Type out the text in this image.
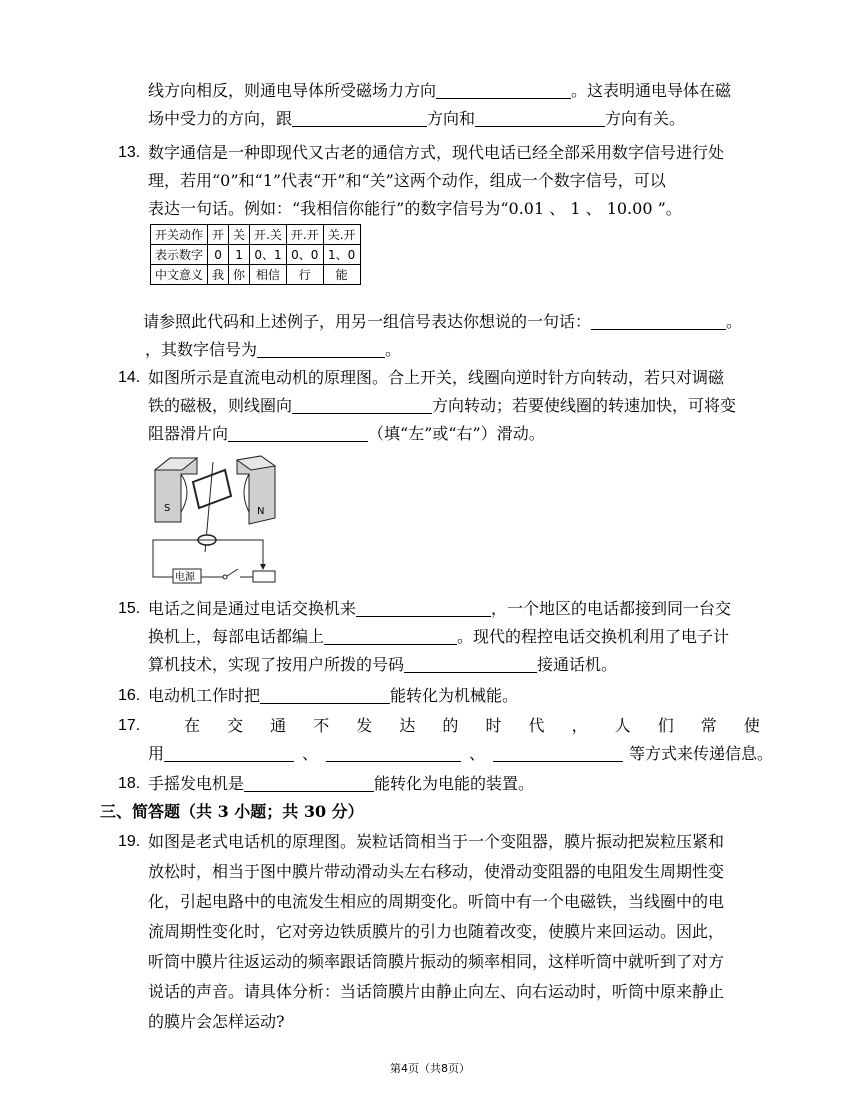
线方向相反，则通电导体所受磁场力方向	。这表明通电导体在磁
场中受力的方向，跟	方向和	方向有关。
13. 数字通信是一种即现代又古老的通信方式，现代电话已经全部采用数字信号进行处
理，若用“0”和“1”代表“开”和“关”这两个动作，组成一个数字信号，可以
表达一句话。例如：“我相信你能行”的数字信号为“0.01 、 1 、 10.00 ”。
开关动作	开	关	开.关	开.开	关.开
表示数字	0	1	0、1	0、0	1、0
中文意义	我	你	相信	行	能
请参照此代码和上述例子，用另一组信号表达你想说的一句话：	。
，其数字信号为	。
14. 如图所示是直流电动机的原理图。合上开关，线圈向逆时针方向转动，若只对调磁
铁的磁极，则线圈向	方向转动；若要使线圈的转速加快，可将变
阻器滑片向	（填“左”或“右”）滑动。
S	N
电源
15. 电话之间是通过电话交换机来	，一个地区的电话都接到同一台交
换机上，每部电话都编上	。现代的程控电话交换机利用了电子计
算机技术，实现了按用户所拨的号码	接通话机。
16. 电动机工作时把	能转化为机械能。
17.	在 交 通 不 发 达 的 时 代 ， 人 们 常 使
用	、	、	等方式来传递信息。
18. 手摇发电机是	能转化为电能的装置。
三、简答题（共 3 小题；共 30 分）
19. 如图是老式电话机的原理图。炭粒话筒相当于一个变阻器，膜片振动把炭粒压紧和
放松时，相当于图中膜片带动滑动头左右移动，使滑动变阻器的电阻发生周期性变
化，引起电路中的电流发生相应的周期变化。听筒中有一个电磁铁，当线圈中的电
流周期性变化时，它对旁边铁质膜片的引力也随着改变，使膜片来回运动。因此，
听筒中膜片往返运动的频率跟话筒膜片振动的频率相同，这样听筒中就听到了对方
说话的声音。请具体分析：当话筒膜片由静止向左、向右运动时，听筒中原来静止
的膜片会怎样运动?
第4页（共8页）
